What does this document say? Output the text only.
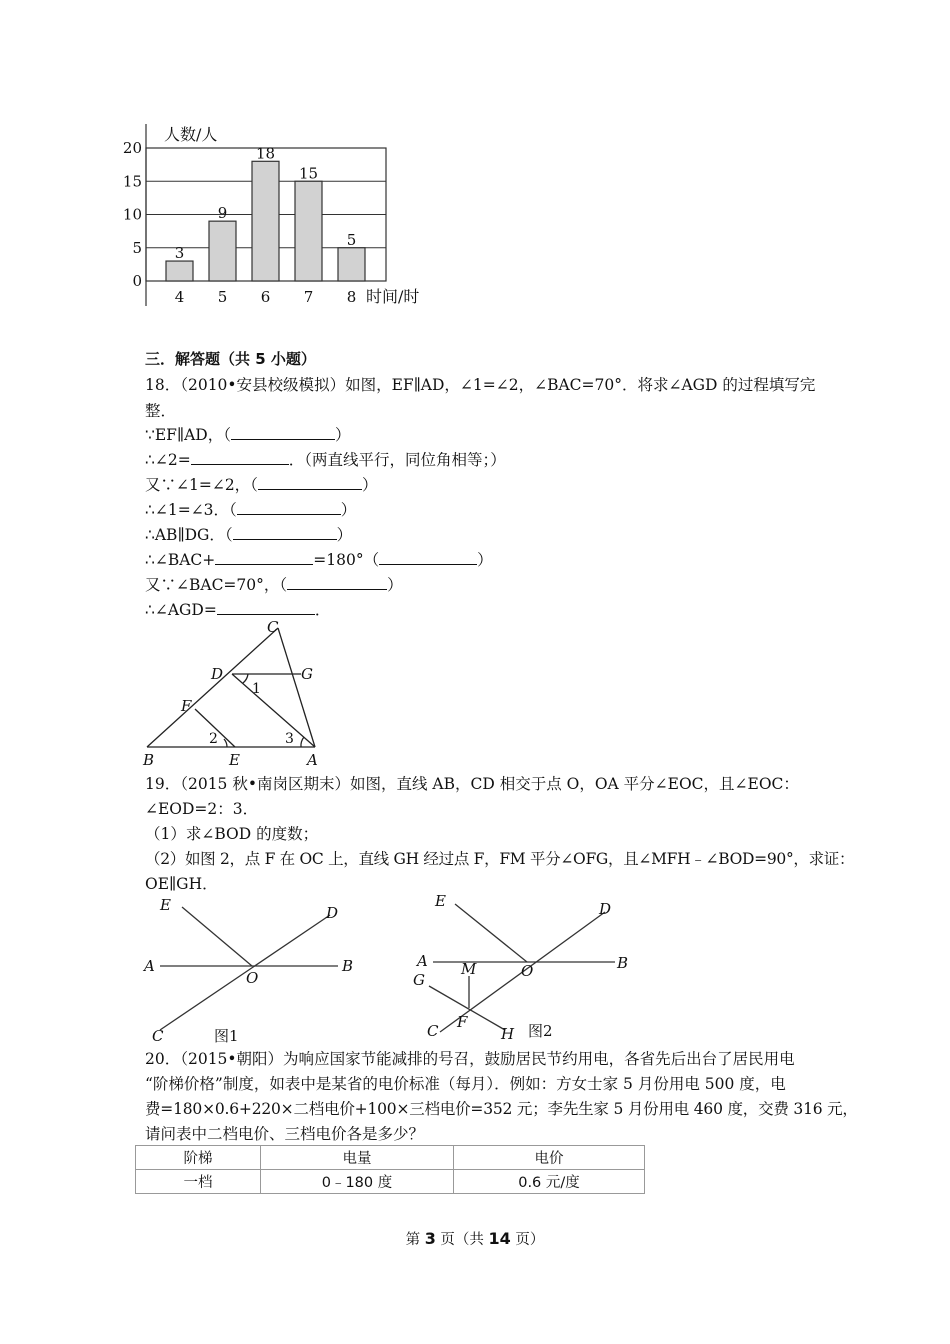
20
15
10
5
0
人数/人
3
4
9
5
18
6
15
7
5
8 时间/时
三．解答题（共 5 小题）
18．（2010•安县校级模拟）如图，EF∥AD，∠1=∠2，∠BAC=70°．将求∠AGD 的过程填写完
整．
∵EF∥AD，（	）
∴∠2=	．（两直线平行，同位角相等；）
又∵∠1=∠2，（	）
∴∠1=∠3．（	）
∴AB∥DG．（	）
∴∠BAC+	=180°（	）
又∵∠BAC=70°，（	）
∴∠AGD=	．
C
D	G
F
B	E	A
1
2	3
19．（2015 秋•南岗区期末）如图，直线 AB，CD 相交于点 O，OA 平分∠EOC，且∠EOC：
∠EOD=2：3．
（1）求∠BOD 的度数；
（2）如图 2，点 F 在 OC 上，直线 GH 经过点 F，FM 平分∠OFG，且∠MFH﹣∠BOD=90°，求证：
OE∥GH．
E	D
A	B
O
C	图1
E	D
A	B
M	O
G
F
C	H 图2
20．（2015•朝阳）为响应国家节能减排的号召，鼓励居民节约用电，各省先后出台了居民用电
“阶梯价格”制度，如表中是某省的电价标准（每月）．例如：方女士家 5 月份用电 500 度，电
费=180×0.6+220×二档电价+100×三档电价=352 元；李先生家 5 月份用电 460 度，交费 316 元，
请问表中二档电价、三档电价各是多少？
阶梯	电量	电价
一档	0﹣180 度	0.6 元/度
第 3 页（共 14 页）
